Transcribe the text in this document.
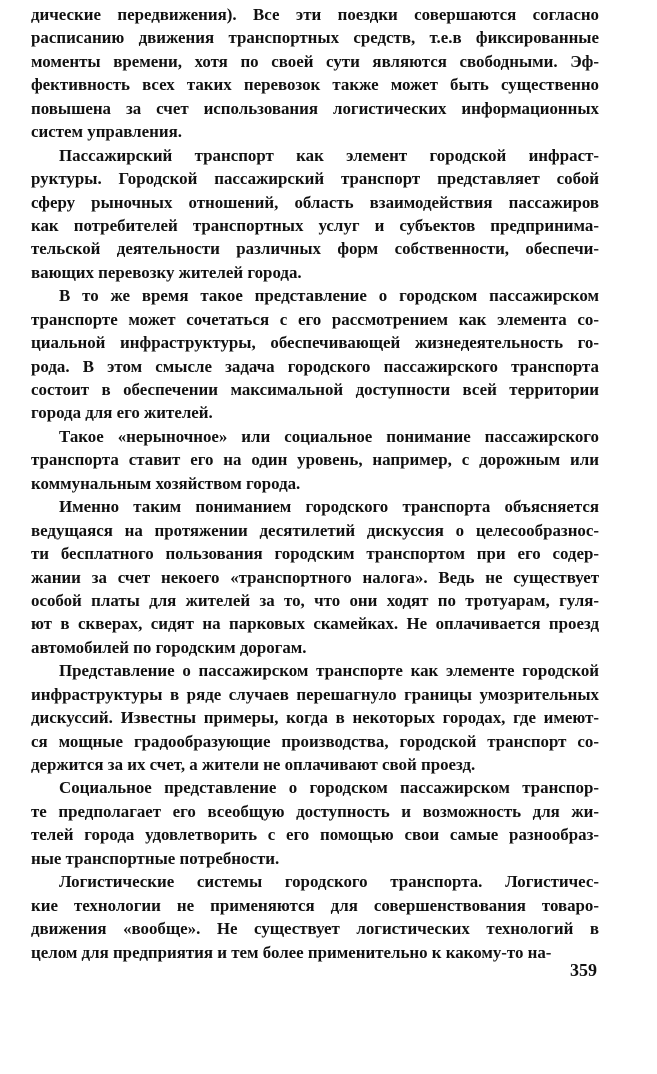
дические передвижения). Все эти поездки совершаются согласно
расписанию движения транспортных средств, т.е.в фиксированные
моменты времени, хотя по своей сути являются свободными. Эф-
фективность всех таких перевозок также может быть существенно
повышена за счет использования логистических информационных
систем управления.
Пассажирский транспорт как элемент городской инфраст-
руктуры. Городской пассажирский транспорт представляет собой
сферу рыночных отношений, область взаимодействия пассажиров
как потребителей транспортных услуг и субъектов предпринима-
тельской деятельности различных форм собственности, обеспечи-
вающих перевозку жителей города.
В то же время такое представление о городском пассажирском
транспорте может сочетаться с его рассмотрением как элемента со-
циальной инфраструктуры, обеспечивающей жизнедеятельность го-
рода. В этом смысле задача городского пассажирского транспорта
состоит в обеспечении максимальной доступности всей территории
города для его жителей.
Такое «нерыночное» или социальное понимание пассажирского
транспорта ставит его на один уровень, например, с дорожным или
коммунальным хозяйством города.
Именно таким пониманием городского транспорта объясняется
ведущаяся на протяжении десятилетий дискуссия о целесообразнос-
ти бесплатного пользования городским транспортом при его содер-
жании за счет некоего «транспортного налога». Ведь не существует
особой платы для жителей за то, что они ходят по тротуарам, гуля-
ют в скверах, сидят на парковых скамейках. Не оплачивается проезд
автомобилей по городским дорогам.
Представление о пассажирском транспорте как элементе городской
инфраструктуры в ряде случаев перешагнуло границы умозрительных
дискуссий. Известны примеры, когда в некоторых городах, где имеют-
ся мощные градообразующие производства, городской транспорт со-
держится за их счет, а жители не оплачивают свой проезд.
Социальное представление о городском пассажирском транспор-
те предполагает его всеобщую доступность и возможность для жи-
телей города удовлетворить с его помощью свои самые разнообраз-
ные транспортные потребности.
Логистические системы городского транспорта. Логистичес-
кие технологии не применяются для совершенствования товаро-
движения «вообще». Не существует логистических технологий в
целом для предприятия и тем более применительно к какому-то на-
359
